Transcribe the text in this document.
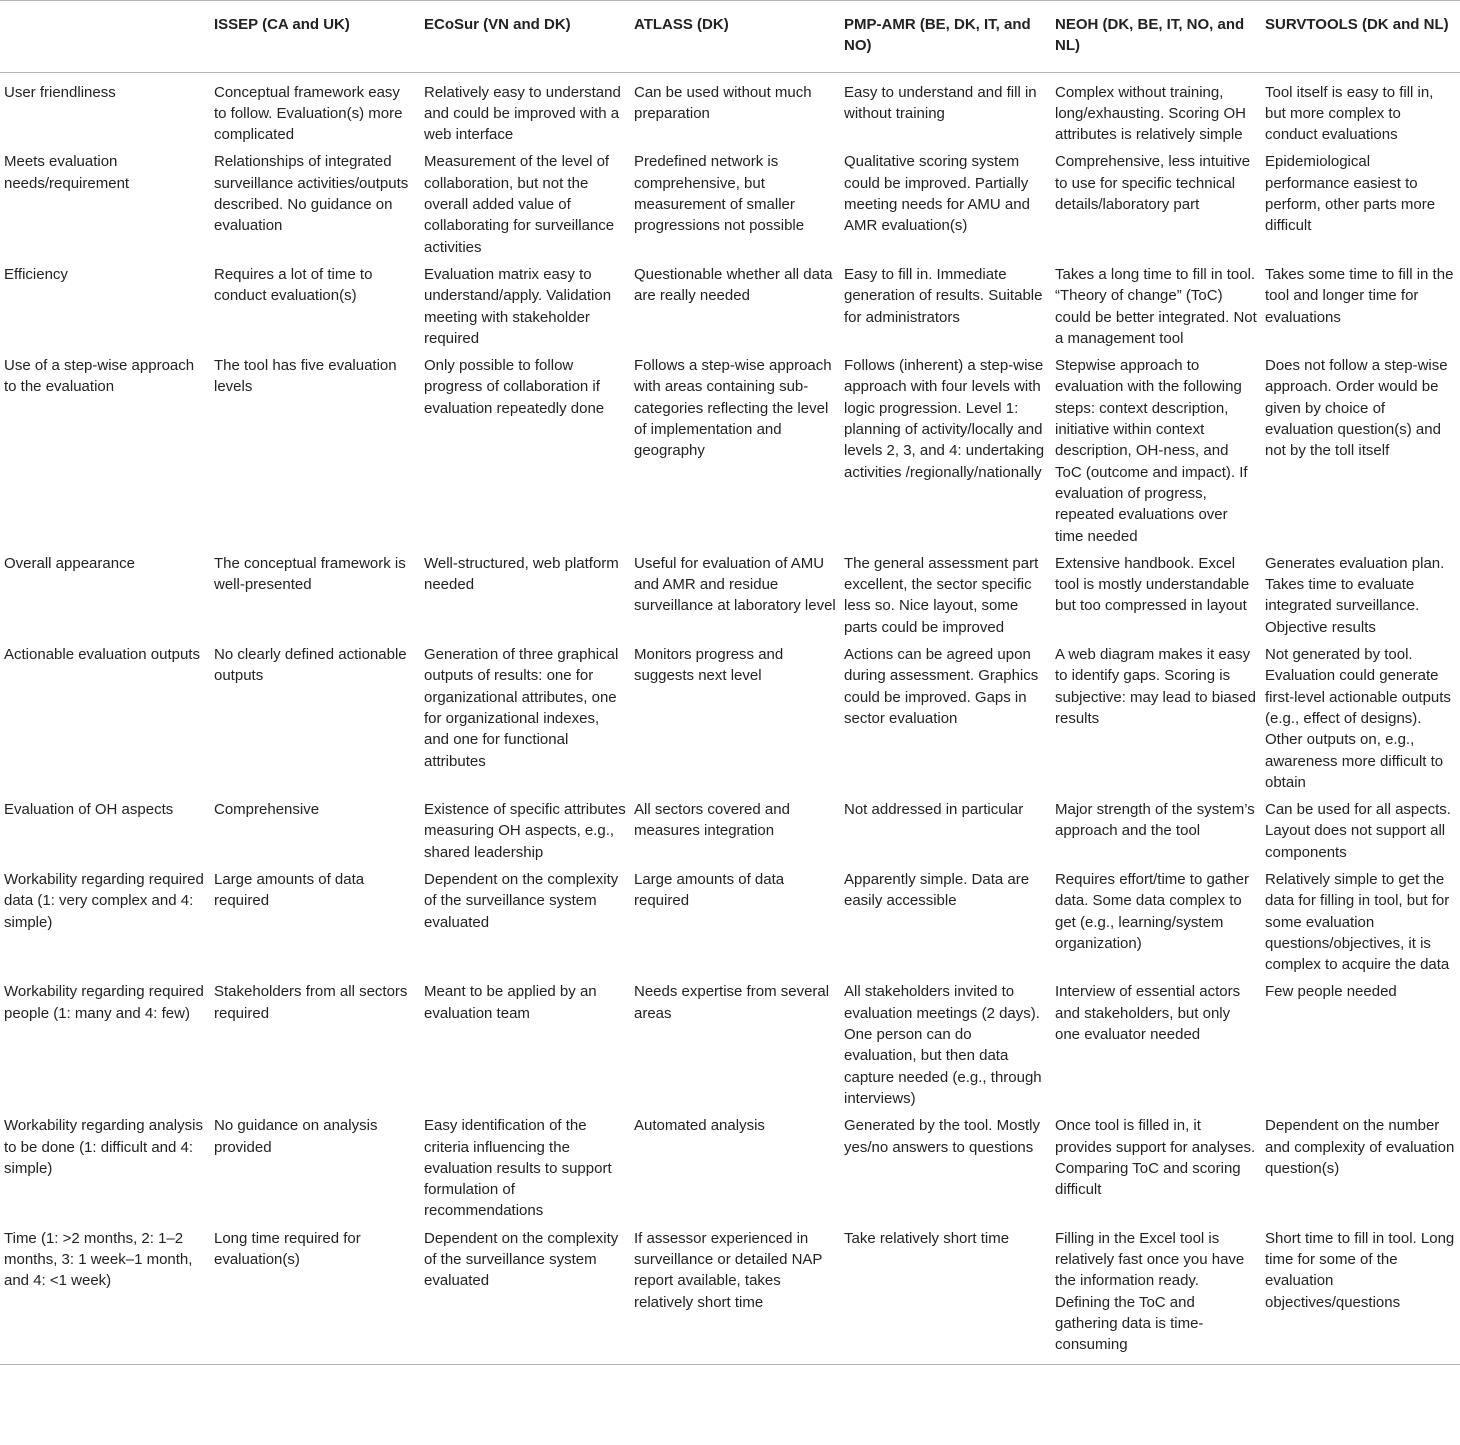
	ISSEP (CA and UK)	ECoSur (VN and DK)	ATLASS (DK)	PMP-AMR (BE, DK, IT, and NO)	NEOH (DK, BE, IT, NO, and NL)	SURVTOOLS (DK and NL)
User friendliness	Conceptual framework easy to follow. Evaluation(s) more complicated	Relatively easy to understand and could be improved with a web interface	Can be used without much preparation	Easy to understand and fill in without training	Complex without training, long/exhausting. Scoring OH attributes is relatively simple	Tool itself is easy to fill in, but more complex to conduct evaluations
Meets evaluation needs/requirement	Relationships of integrated surveillance activities/outputs described. No guidance on evaluation	Measurement of the level of collaboration, but not the overall added value of collaborating for surveillance activities	Predefined network is comprehensive, but measurement of smaller progressions not possible	Qualitative scoring system could be improved. Partially meeting needs for AMU and AMR evaluation(s)	Comprehensive, less intuitive to use for specific technical details/laboratory part	Epidemiological performance easiest to perform, other parts more difficult
Efficiency	Requires a lot of time to conduct evaluation(s)	Evaluation matrix easy to understand/apply. Validation meeting with stakeholder required	Questionable whether all data are really needed	Easy to fill in. Immediate generation of results. Suitable for administrators	Takes a long time to fill in tool. “Theory of change” (ToC) could be better integrated. Not a management tool	Takes some time to fill in the tool and longer time for evaluations
Use of a step-wise approach to the evaluation	The tool has five evaluation levels	Only possible to follow progress of collaboration if evaluation repeatedly done	Follows a step-wise approach with areas containing sub-categories reflecting the level of implementation and geography	Follows (inherent) a step-wise approach with four levels with logic progression. Level 1: planning of activity/locally and levels 2, 3, and 4: undertaking activities /regionally/nationally	Stepwise approach to evaluation with the following steps: context description, initiative within context description, OH-ness, and ToC (outcome and impact). If evaluation of progress, repeated evaluations over time needed	Does not follow a step-wise approach. Order would be given by choice of evaluation question(s) and not by the toll itself
Overall appearance	The conceptual framework is well-presented	Well-structured, web platform needed	Useful for evaluation of AMU and AMR and residue surveillance at laboratory level	The general assessment part excellent, the sector specific less so. Nice layout, some parts could be improved	Extensive handbook. Excel tool is mostly understandable but too compressed in layout	Generates evaluation plan. Takes time to evaluate integrated surveillance. Objective results
Actionable evaluation outputs	No clearly defined actionable outputs	Generation of three graphical outputs of results: one for organizational attributes, one for organizational indexes, and one for functional attributes	Monitors progress and suggests next level	Actions can be agreed upon during assessment. Graphics could be improved. Gaps in sector evaluation	A web diagram makes it easy to identify gaps. Scoring is subjective: may lead to biased results	Not generated by tool. Evaluation could generate first-level actionable outputs (e.g., effect of designs). Other outputs on, e.g., awareness more difficult to obtain
Evaluation of OH aspects	Comprehensive	Existence of specific attributes measuring OH aspects, e.g., shared leadership	All sectors covered and measures integration	Not addressed in particular	Major strength of the system’s approach and the tool	Can be used for all aspects. Layout does not support all components
Workability regarding required data (1: very complex and 4: simple)	Large amounts of data required	Dependent on the complexity of the surveillance system evaluated	Large amounts of data required	Apparently simple. Data are easily accessible	Requires effort/time to gather data. Some data complex to get (e.g., learning/system organization)	Relatively simple to get the data for filling in tool, but for some evaluation questions/objectives, it is complex to acquire the data
Workability regarding required people (1: many and 4: few)	Stakeholders from all sectors required	Meant to be applied by an evaluation team	Needs expertise from several areas	All stakeholders invited to evaluation meetings (2 days). One person can do evaluation, but then data capture needed (e.g., through interviews)	Interview of essential actors and stakeholders, but only one evaluator needed	Few people needed
Workability regarding analysis to be done (1: difficult and 4: simple)	No guidance on analysis provided	Easy identification of the criteria influencing the evaluation results to support formulation of recommendations	Automated analysis	Generated by the tool. Mostly yes/no answers to questions	Once tool is filled in, it provides support for analyses. Comparing ToC and scoring difficult	Dependent on the number and complexity of evaluation question(s)
Time (1: >2 months, 2: 1–2 months, 3: 1 week–1 month, and 4: <1 week)	Long time required for evaluation(s)	Dependent on the complexity of the surveillance system evaluated	If assessor experienced in surveillance or detailed NAP report available, takes relatively short time	Take relatively short time	Filling in the Excel tool is relatively fast once you have the information ready. Defining the ToC and gathering data is time-consuming	Short time to fill in tool. Long time for some of the evaluation objectives/questions
